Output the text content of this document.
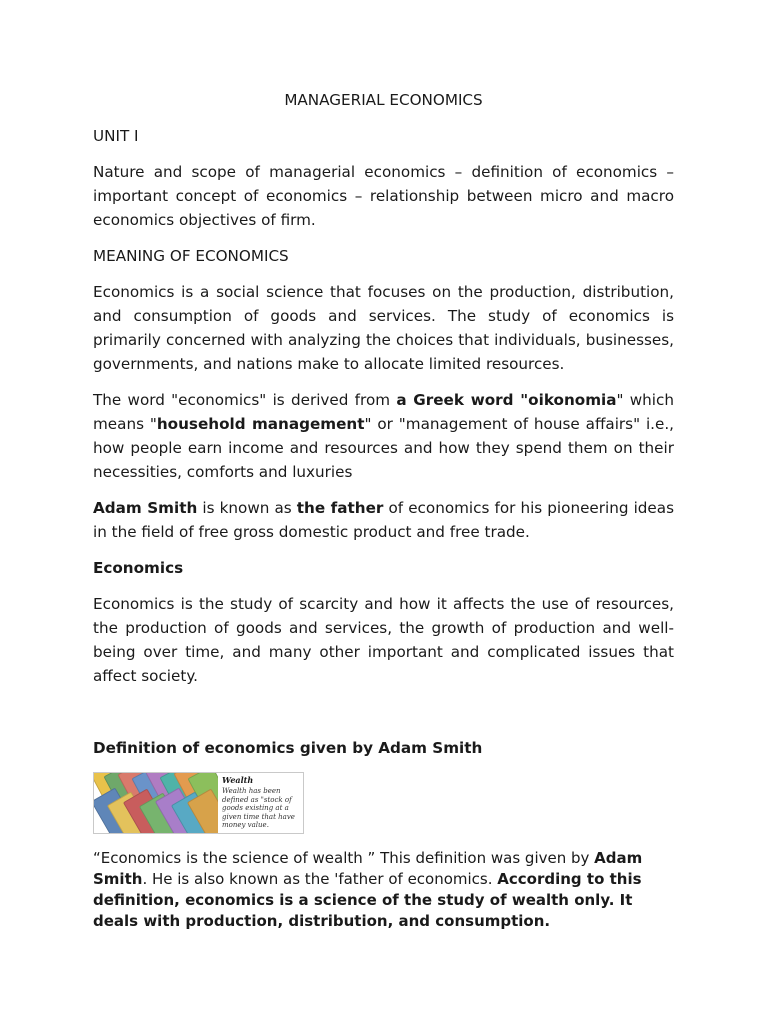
MANAGERIAL ECONOMICS

UNIT I

Nature and scope of managerial economics – definition of economics – important concept of economics – relationship between micro and macro economics objectives of firm.

MEANING OF ECONOMICS

Economics is a social science that focuses on the production, distribution, and consumption of goods and services. The study of economics is primarily concerned with analyzing the choices that individuals, businesses, governments, and nations make to allocate limited resources.

The word "economics" is derived from a Greek word "oikonomia" which means "household management" or "management of house affairs" i.e., how people earn income and resources and how they spend them on their necessities, comforts and luxuries

Adam Smith is known as the father of economics for his pioneering ideas in the field of free gross domestic product and free trade.

Economics

Economics is the study of scarcity and how it affects the use of resources, the production of goods and services, the growth of production and well-being over time, and many other important and complicated issues that affect society.

Definition of economics given by Adam Smith

Wealth
Wealth has been defined as "stock of goods existing at a given time that have money value.

“Economics is the science of wealth ” This definition was given by Adam Smith. He is also known as the 'father of economics. According to this definition, economics is a science of the study of wealth only. It deals with production, distribution, and consumption.
